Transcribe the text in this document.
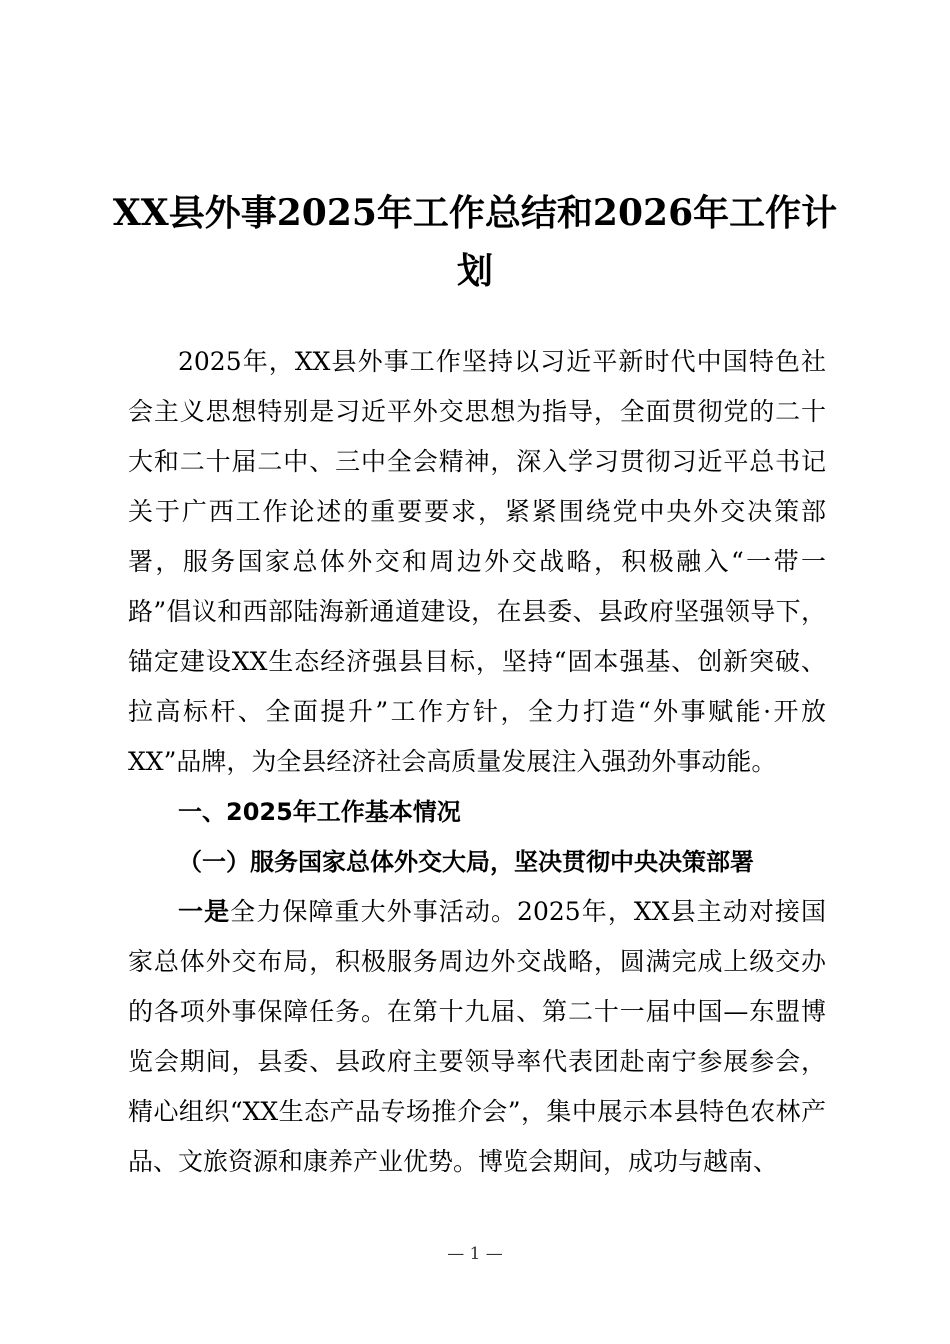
XX县外事2025年工作总结和2026年工作计划

2025年，XX县外事工作坚持以习近平新时代中国特色社会主义思想特别是习近平外交思想为指导，全面贯彻党的二十大和二十届二中、三中全会精神，深入学习贯彻习近平总书记关于广西工作论述的重要要求，紧紧围绕党中央外交决策部署，服务国家总体外交和周边外交战略，积极融入“一带一路”倡议和西部陆海新通道建设，在县委、县政府坚强领导下，锚定建设XX生态经济强县目标，坚持“固本强基、创新突破、拉高标杆、全面提升”工作方针，全力打造“外事赋能·开放XX”品牌，为全县经济社会高质量发展注入强劲外事动能。

一、2025年工作基本情况

（一）服务国家总体外交大局，坚决贯彻中央决策部署

一是全力保障重大外事活动。2025年，XX县主动对接国家总体外交布局，积极服务周边外交战略，圆满完成上级交办的各项外事保障任务。在第十九届、第二十一届中国—东盟博览会期间，县委、县政府主要领导率代表团赴南宁参展参会，精心组织“XX生态产品专场推介会”，集中展示本县特色农林产品、文旅资源和康养产业优势。博览会期间，成功与越南、

— 1 —
